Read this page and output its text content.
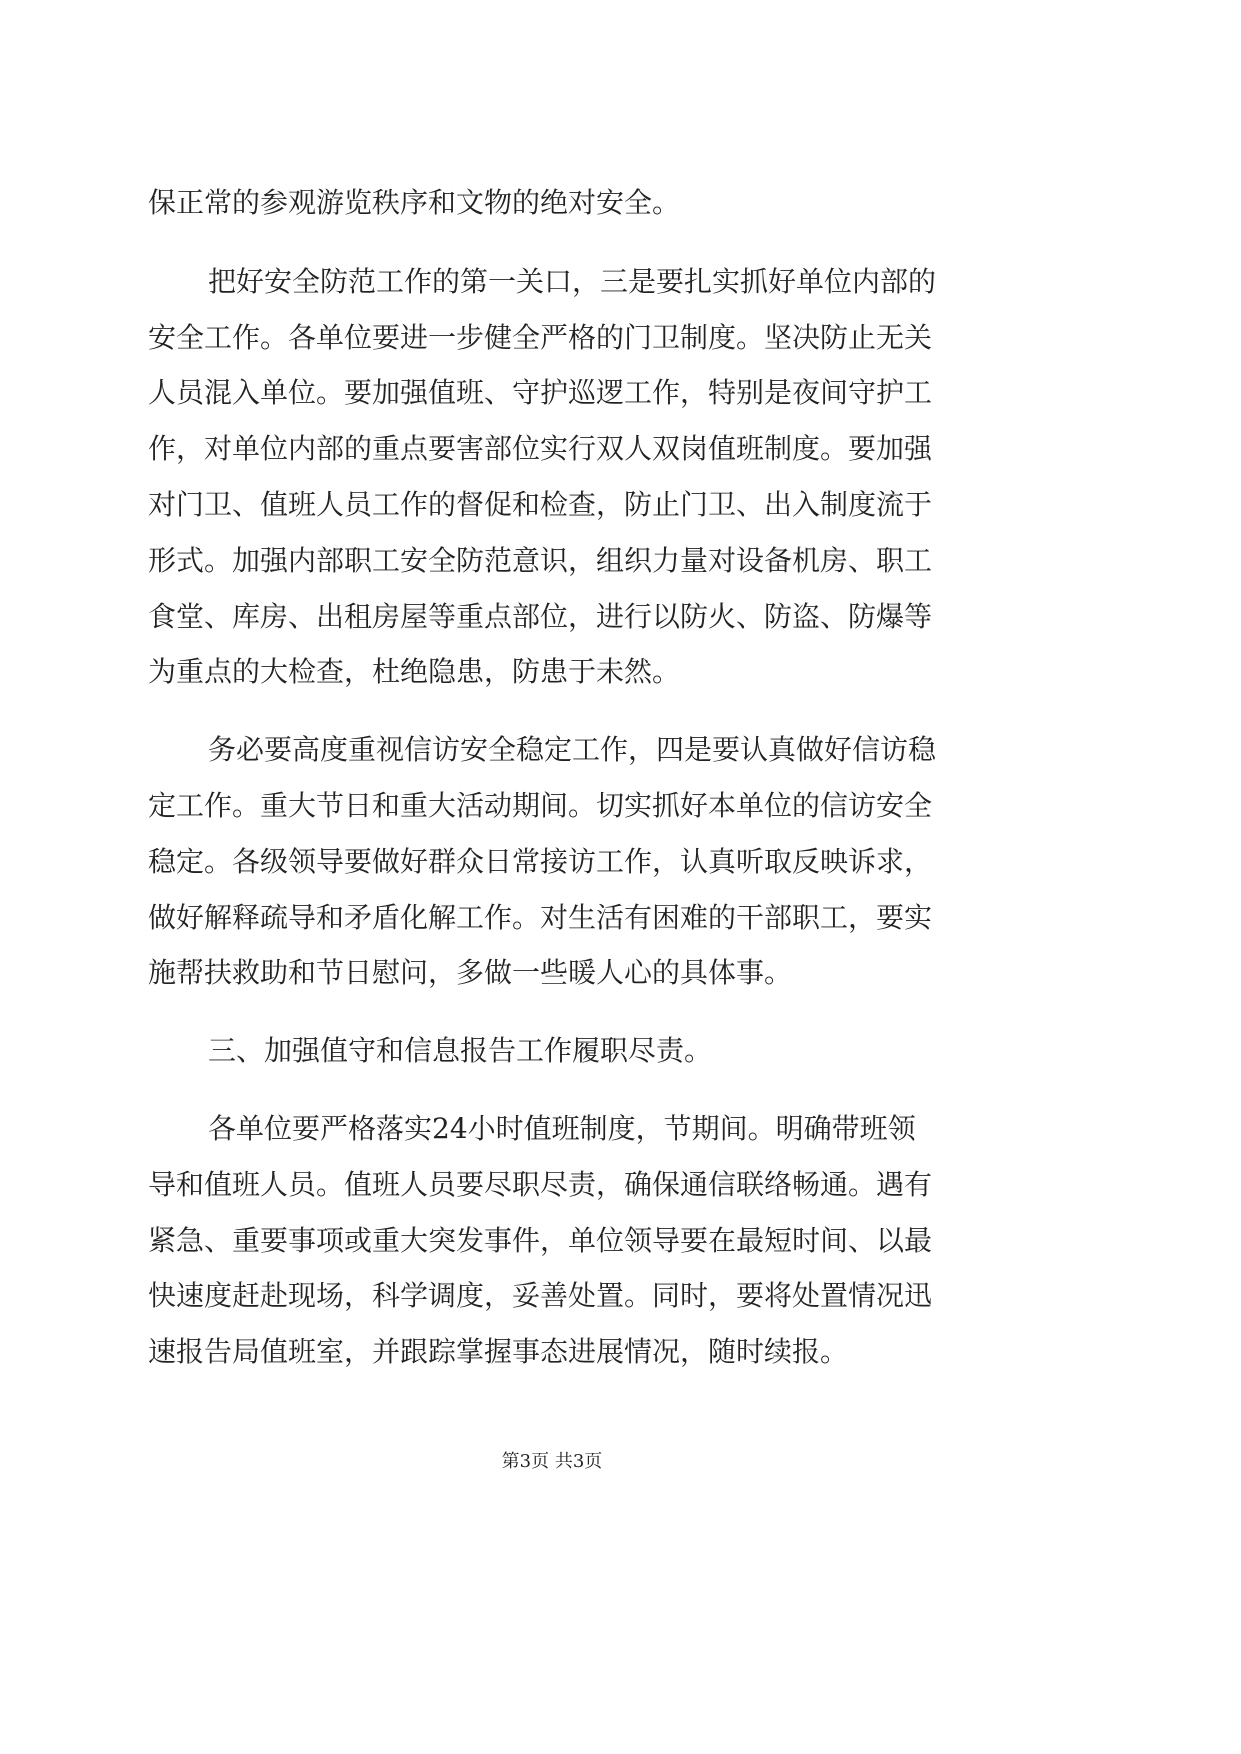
保正常的参观游览秩序和文物的绝对安全。

把好安全防范工作的第一关口，三是要扎实抓好单位内部的

安全工作。各单位要进一步健全严格的门卫制度。坚决防止无关

人员混入单位。要加强值班、守护巡逻工作，特别是夜间守护工

作，对单位内部的重点要害部位实行双人双岗值班制度。要加强

对门卫、值班人员工作的督促和检查，防止门卫、出入制度流于

形式。加强内部职工安全防范意识，组织力量对设备机房、职工

食堂、库房、出租房屋等重点部位，进行以防火、防盗、防爆等

为重点的大检查，杜绝隐患，防患于未然。

务必要高度重视信访安全稳定工作，四是要认真做好信访稳

定工作。重大节日和重大活动期间。切实抓好本单位的信访安全

稳定。各级领导要做好群众日常接访工作，认真听取反映诉求，

做好解释疏导和矛盾化解工作。对生活有困难的干部职工，要实

施帮扶救助和节日慰问，多做一些暖人心的具体事。

三、加强值守和信息报告工作履职尽责。

各单位要严格落实24小时值班制度，节期间。明确带班领

导和值班人员。值班人员要尽职尽责，确保通信联络畅通。遇有

紧急、重要事项或重大突发事件，单位领导要在最短时间、以最

快速度赶赴现场，科学调度，妥善处置。同时，要将处置情况迅

速报告局值班室，并跟踪掌握事态进展情况，随时续报。

第3页 共3页
